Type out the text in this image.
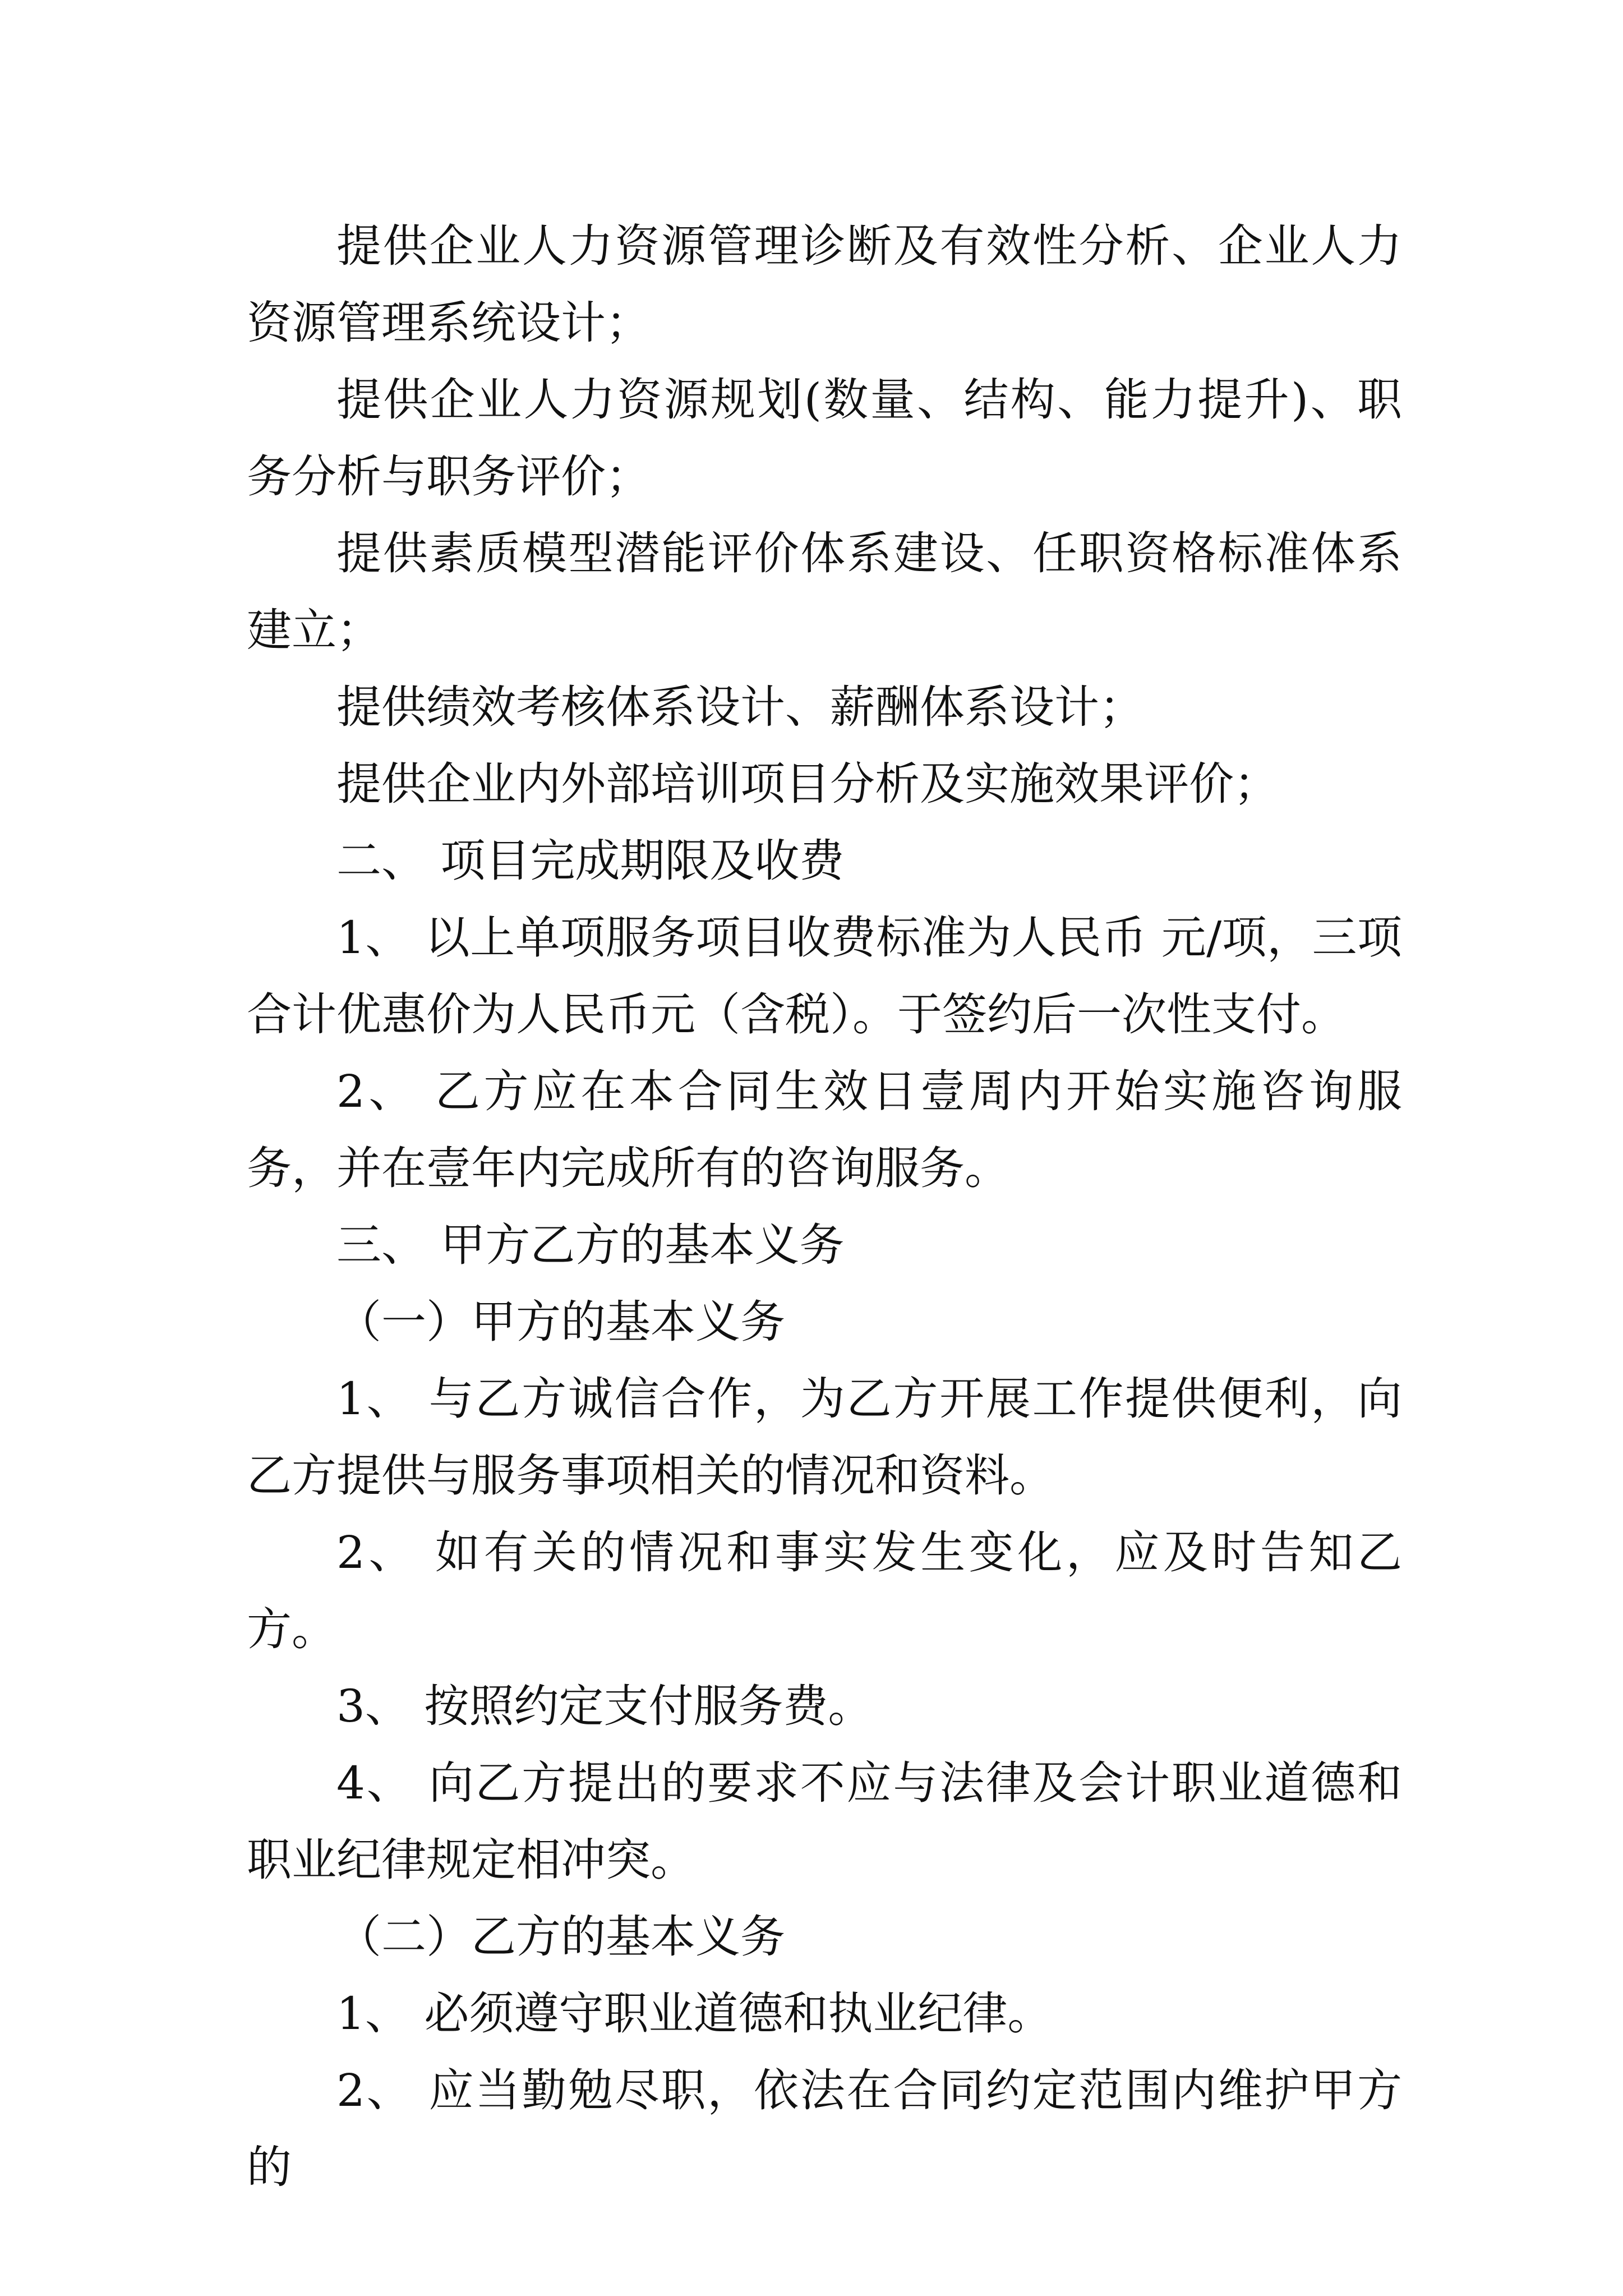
提供企业人力资源管理诊断及有效性分析、企业人力资源管理系统设计；

提供企业人力资源规划(数量、结构、能力提升)、职务分析与职务评价；

提供素质模型潜能评价体系建设、任职资格标准体系建立；

提供绩效考核体系设计、薪酬体系设计；

提供企业内外部培训项目分析及实施效果评价；

二、 项目完成期限及收费

1、 以上单项服务项目收费标准为人民币 元/项，三项合计优惠价为人民币元（含税）。于签约后一次性支付。

2、 乙方应在本合同生效日壹周内开始实施咨询服务，并在壹年内完成所有的咨询服务。

三、 甲方乙方的基本义务

（一）甲方的基本义务

1、 与乙方诚信合作，为乙方开展工作提供便利，向乙方提供与服务事项相关的情况和资料。

2、 如有关的情况和事实发生变化，应及时告知乙方。

3、 按照约定支付服务费。

4、 向乙方提出的要求不应与法律及会计职业道德和职业纪律规定相冲突。

（二）乙方的基本义务

1、 必须遵守职业道德和执业纪律。

2、 应当勤勉尽职，依法在合同约定范围内维护甲方的
